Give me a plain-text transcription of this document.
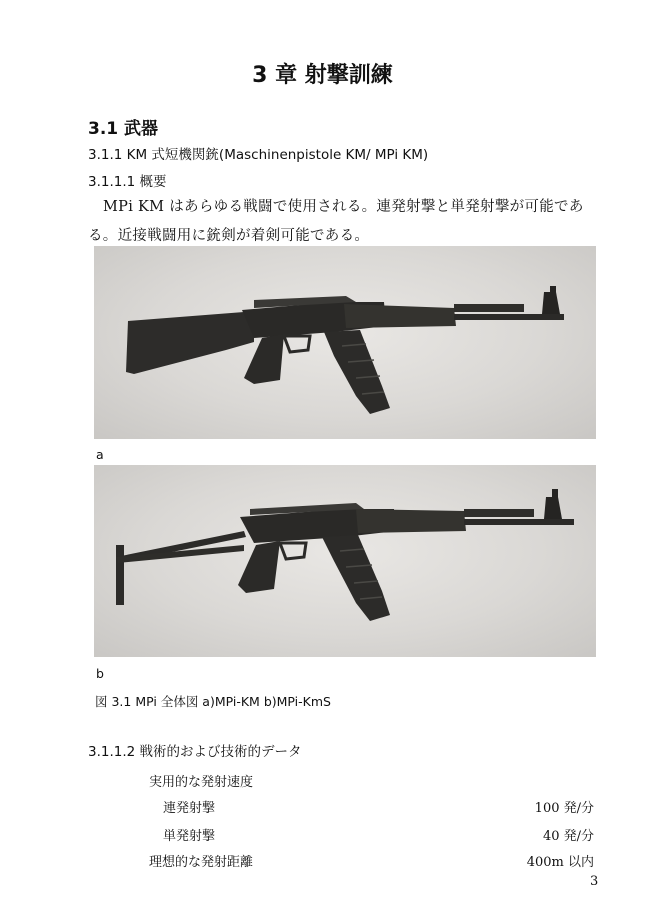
3 章 射撃訓練
3.1 武器
3.1.1 KM 式短機関銃(Maschinenpistole KM/ MPi KM)
3.1.1.1 概要
MPi KM はあらゆる戦闘で使用される。連発射撃と単発射撃が可能である。近接戦闘用に銃剣が着剣可能である。
a
b
図 3.1 MPi 全体図 a)MPi-KM b)MPi-KmS
3.1.1.2 戦術的および技術的データ
実用的な発射速度
連発射撃	100 発/分
単発射撃	40 発/分
理想的な発射距離	400m 以内
3
